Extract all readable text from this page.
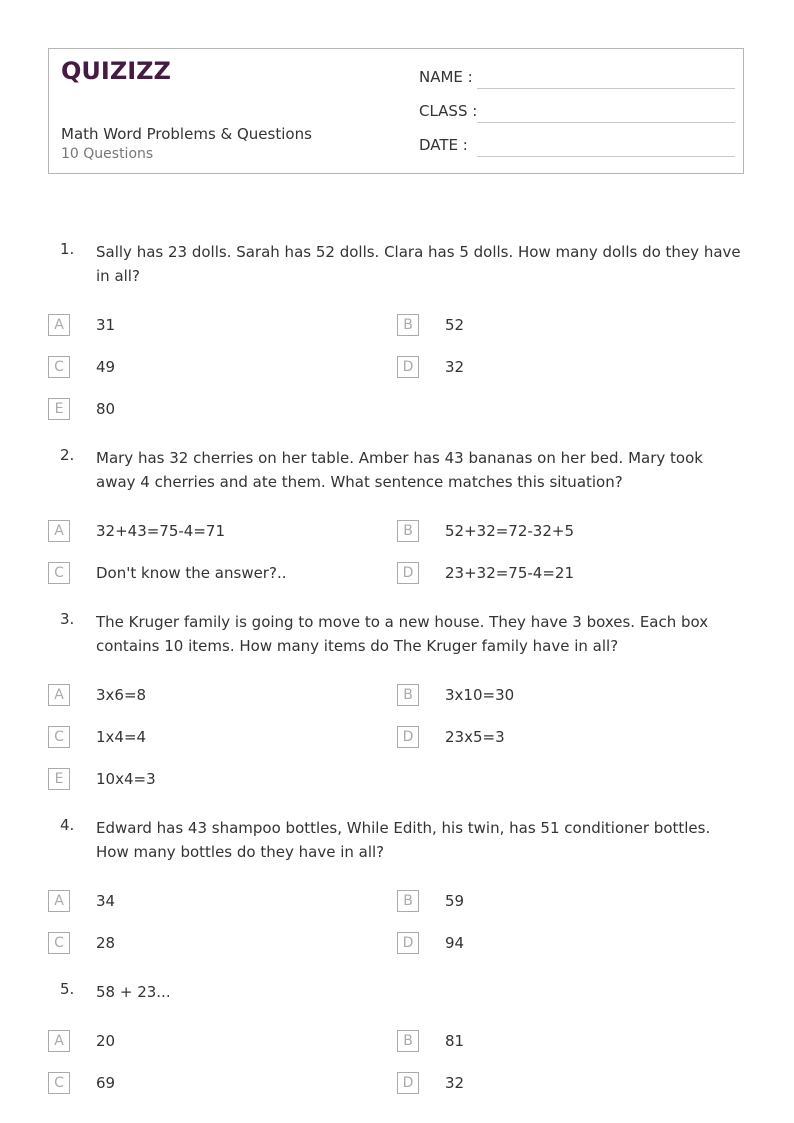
QUIZIZZ
Math Word Problems & Questions
10 Questions
NAME :
CLASS :
DATE :
1. Sally has 23 dolls. Sarah has 52 dolls. Clara has 5 dolls. How many dolls do they have in all?
A	31	B	52
C	49	D	32
E	80
2. Mary has 32 cherries on her table. Amber has 43 bananas on her bed. Mary took away 4 cherries and ate them. What sentence matches this situation?
A	32+43=75-4=71	B	52+32=72-32+5
C	Don't know the answer?..	D	23+32=75-4=21
3. The Kruger family is going to move to a new house. They have 3 boxes. Each box contains 10 items. How many items do The Kruger family have in all?
A	3x6=8	B	3x10=30
C	1x4=4	D	23x5=3
E	10x4=3
4. Edward has 43 shampoo bottles, While Edith, his twin, has 51 conditioner bottles. How many bottles do they have in all?
A	34	B	59
C	28	D	94
5. 58 + 23...
A	20	B	81
C	69	D	32
